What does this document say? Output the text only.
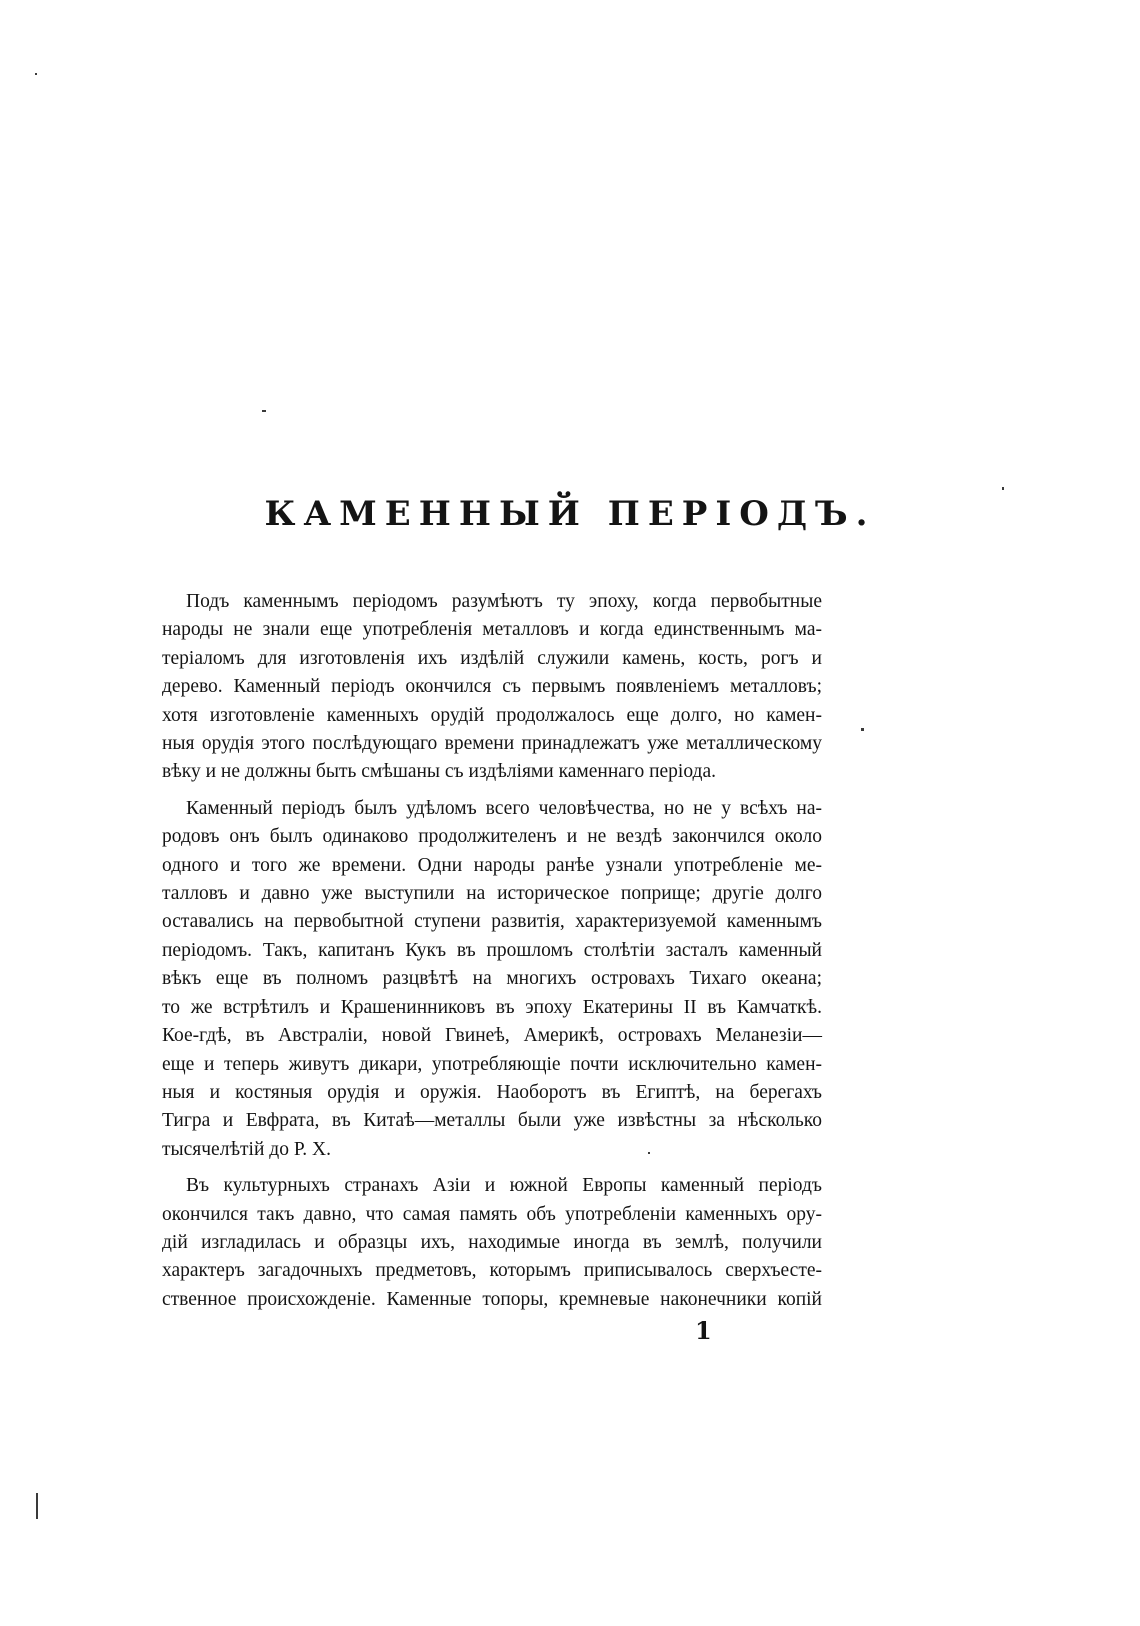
КАМЕННЫЙ ПЕРІОДЪ.

Подъ каменнымъ періодомъ разумѣютъ ту эпоху, когда первобытные
народы не знали еще употребленія металловъ и когда единственнымъ ма-
теріаломъ для изготовленія ихъ издѣлій служили камень, кость, рогъ и
дерево. Каменный періодъ окончился съ первымъ появленіемъ металловъ;
хотя изготовленіе каменныхъ орудій продолжалось еще долго, но камен-
ныя орудія этого послѣдующаго времени принадлежатъ уже металлическому
вѣку и не должны быть смѣшаны съ издѣліями каменнаго періода.

Каменный періодъ былъ удѣломъ всего человѣчества, но не у всѣхъ на-
родовъ онъ былъ одинаково продолжителенъ и не вездѣ закончился около
одного и того же времени. Одни народы ранѣе узнали употребленіе ме-
талловъ и давно уже выступили на историческое поприще; другіе долго
оставались на первобытной ступени развитія, характеризуемой каменнымъ
періодомъ. Такъ, капитанъ Кукъ въ прошломъ столѣтіи засталъ каменный
вѣкъ еще въ полномъ разцвѣтѣ на многихъ островахъ Тихаго океана;
то же встрѣтилъ и Крашенинниковъ въ эпоху Екатерины II въ Камчаткѣ.
Кое-гдѣ, въ Австраліи, новой Гвинеѣ, Америкѣ, островахъ Меланезіи—
еще и теперь живутъ дикари, употребляющіе почти исключительно камен-
ныя и костяныя орудія и оружія. Наоборотъ въ Египтѣ, на берегахъ
Тигра и Евфрата, въ Китаѣ—металлы были уже извѣстны за нѣсколько
тысячелѣтій до Р. Х.

Въ культурныхъ странахъ Азіи и южной Европы каменный періодъ
окончился такъ давно, что самая память объ употребленіи каменныхъ ору-
дій изгладилась и образцы ихъ, находимые иногда въ землѣ, получили
характеръ загадочныхъ предметовъ, которымъ приписывалось сверхъесте-
ственное происхожденіе. Каменные топоры, кремневые наконечники копій

1
